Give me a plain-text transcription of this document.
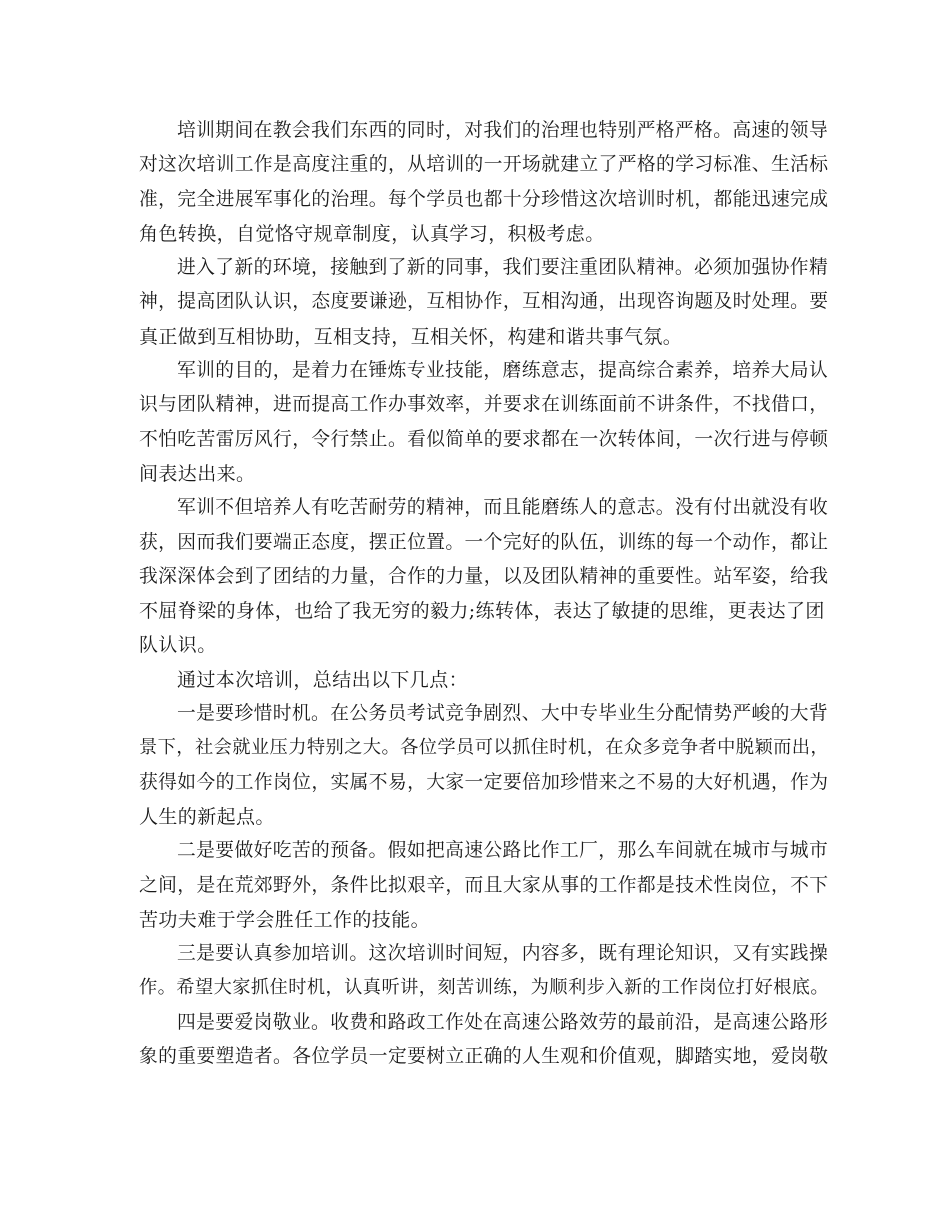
培训期间在教会我们东西的同时，对我们的治理也特别严格严格。高速的领导
对这次培训工作是高度注重的，从培训的一开场就建立了严格的学习标准、生活标
准，完全进展军事化的治理。每个学员也都十分珍惜这次培训时机，都能迅速完成
角色转换，自觉恪守规章制度，认真学习，积极考虑。
进入了新的环境，接触到了新的同事，我们要注重团队精神。必须加强协作精
神，提高团队认识，态度要谦逊，互相协作，互相沟通，出现咨询题及时处理。要
真正做到互相协助，互相支持，互相关怀，构建和谐共事气氛。
军训的目的，是着力在锤炼专业技能，磨练意志，提高综合素养，培养大局认
识与团队精神，进而提高工作办事效率，并要求在训练面前不讲条件，不找借口，
不怕吃苦雷厉风行，令行禁止。看似简单的要求都在一次转体间，一次行进与停顿
间表达出来。
军训不但培养人有吃苦耐劳的精神，而且能磨练人的意志。没有付出就没有收
获，因而我们要端正态度，摆正位置。一个完好的队伍，训练的每一个动作，都让
我深深体会到了团结的力量，合作的力量，以及团队精神的重要性。站军姿，给我
不屈脊梁的身体，也给了我无穷的毅力;练转体，表达了敏捷的思维，更表达了团
队认识。
通过本次培训，总结出以下几点：
一是要珍惜时机。在公务员考试竞争剧烈、大中专毕业生分配情势严峻的大背
景下，社会就业压力特别之大。各位学员可以抓住时机，在众多竞争者中脱颖而出，
获得如今的工作岗位，实属不易，大家一定要倍加珍惜来之不易的大好机遇，作为
人生的新起点。
二是要做好吃苦的预备。假如把高速公路比作工厂，那么车间就在城市与城市
之间，是在荒郊野外，条件比拟艰辛，而且大家从事的工作都是技术性岗位，不下
苦功夫难于学会胜任工作的技能。
三是要认真参加培训。这次培训时间短，内容多，既有理论知识，又有实践操
作。希望大家抓住时机，认真听讲，刻苦训练，为顺利步入新的工作岗位打好根底。
四是要爱岗敬业。收费和路政工作处在高速公路效劳的最前沿，是高速公路形
象的重要塑造者。各位学员一定要树立正确的人生观和价值观，脚踏实地，爱岗敬
